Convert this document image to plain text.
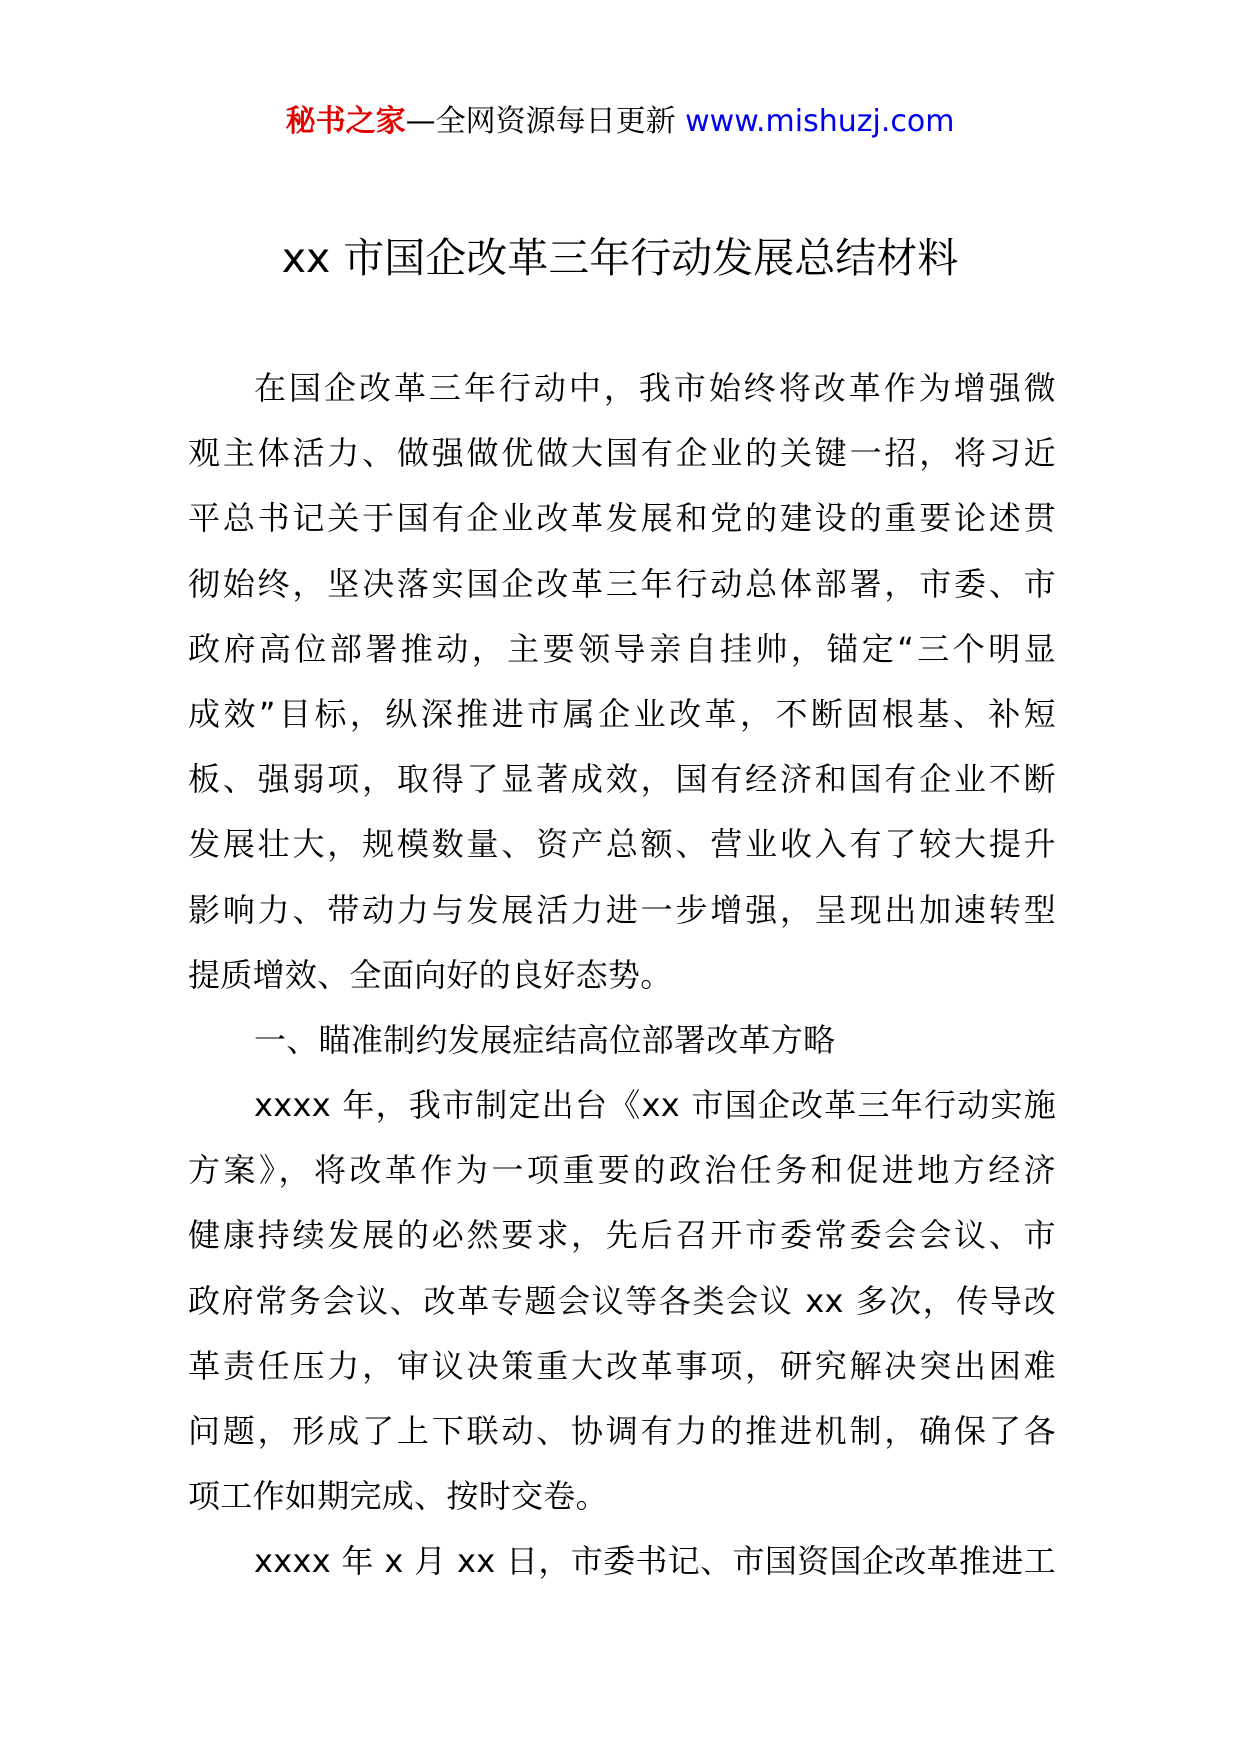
秘书之家—全网资源每日更新 www.mishuzj.com
xx 市国企改革三年行动发展总结材料
在国企改革三年行动中，我市始终将改革作为增强微
观主体活力、做强做优做大国有企业的关键一招，将习近
平总书记关于国有企业改革发展和党的建设的重要论述贯
彻始终，坚决落实国企改革三年行动总体部署，市委、市
政府高位部署推动，主要领导亲自挂帅，锚定“三个明显
成效”目标，纵深推进市属企业改革，不断固根基、补短
板、强弱项，取得了显著成效，国有经济和国有企业不断
发展壮大，规模数量、资产总额、营业收入有了较大提升
影响力、带动力与发展活力进一步增强，呈现出加速转型
提质增效、全面向好的良好态势。
一、瞄准制约发展症结高位部署改革方略
xxxx 年，我市制定出台《xx 市国企改革三年行动实施
方案》，将改革作为一项重要的政治任务和促进地方经济
健康持续发展的必然要求，先后召开市委常委会会议、市
政府常务会议、改革专题会议等各类会议 xx 多次，传导改
革责任压力，审议决策重大改革事项，研究解决突出困难
问题，形成了上下联动、协调有力的推进机制，确保了各
项工作如期完成、按时交卷。
xxxx 年 x 月 xx 日，市委书记、市国资国企改革推进工
